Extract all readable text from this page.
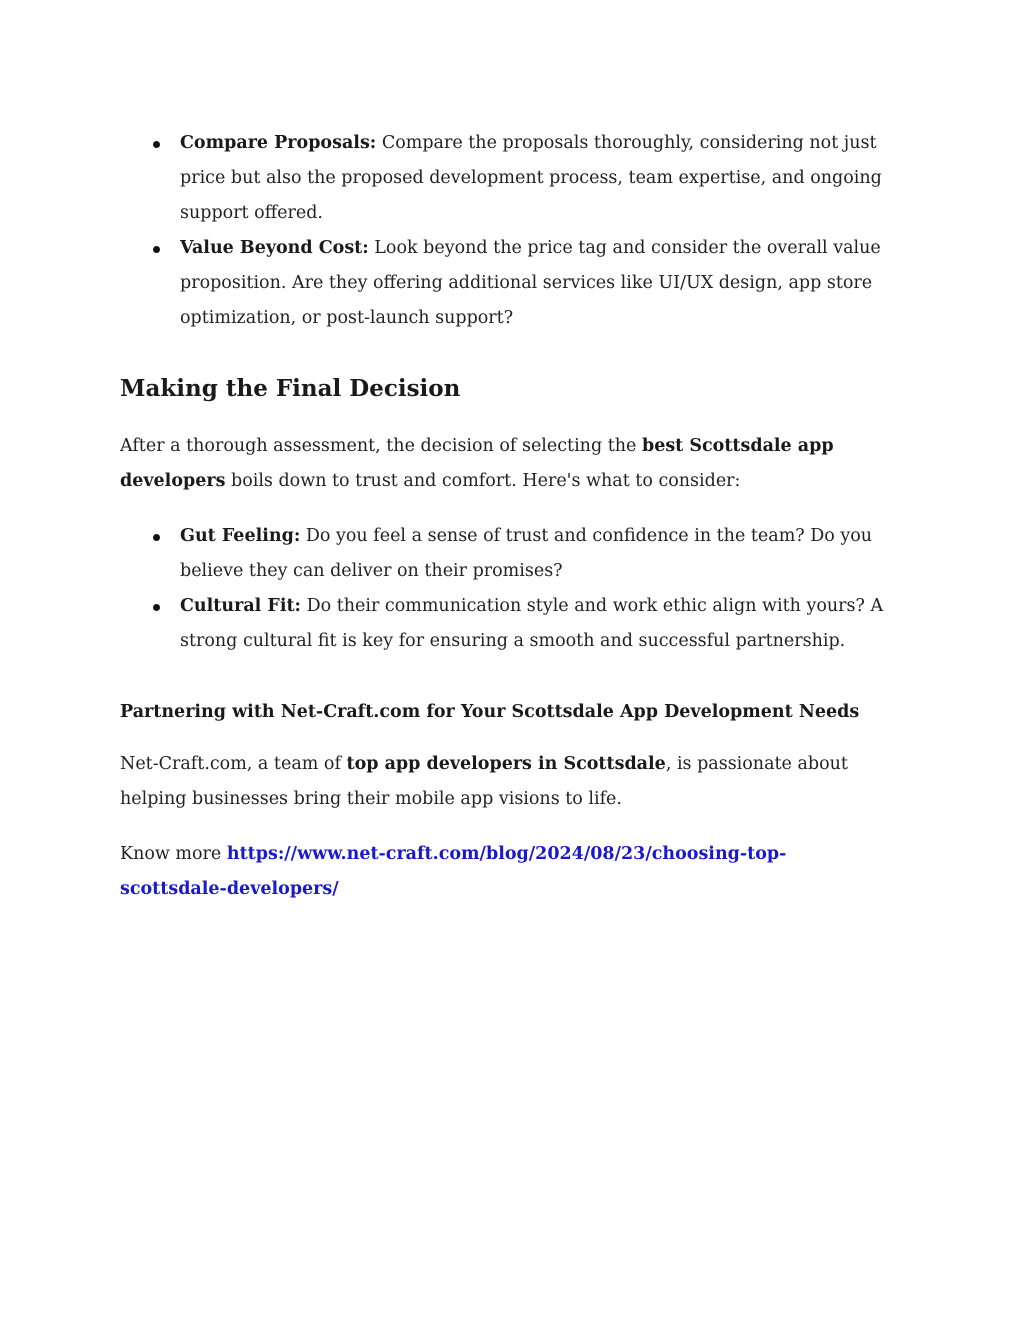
Compare Proposals: Compare the proposals thoroughly, considering not just price but also the proposed development process, team expertise, and ongoing support offered.
Value Beyond Cost: Look beyond the price tag and consider the overall value proposition. Are they offering additional services like UI/UX design, app store optimization, or post-launch support?
Making the Final Decision

After a thorough assessment, the decision of selecting the best Scottsdale app developers boils down to trust and comfort. Here's what to consider:

Gut Feeling: Do you feel a sense of trust and confidence in the team? Do you believe they can deliver on their promises?
Cultural Fit: Do their communication style and work ethic align with yours? A strong cultural fit is key for ensuring a smooth and successful partnership.
Partnering with Net-Craft.com for Your Scottsdale App Development Needs

Net-Craft.com, a team of top app developers in Scottsdale, is passionate about helping businesses bring their mobile app visions to life.

Know more https://www.net-craft.com/blog/2024/08/23/choosing-top-
scottsdale-developers/
